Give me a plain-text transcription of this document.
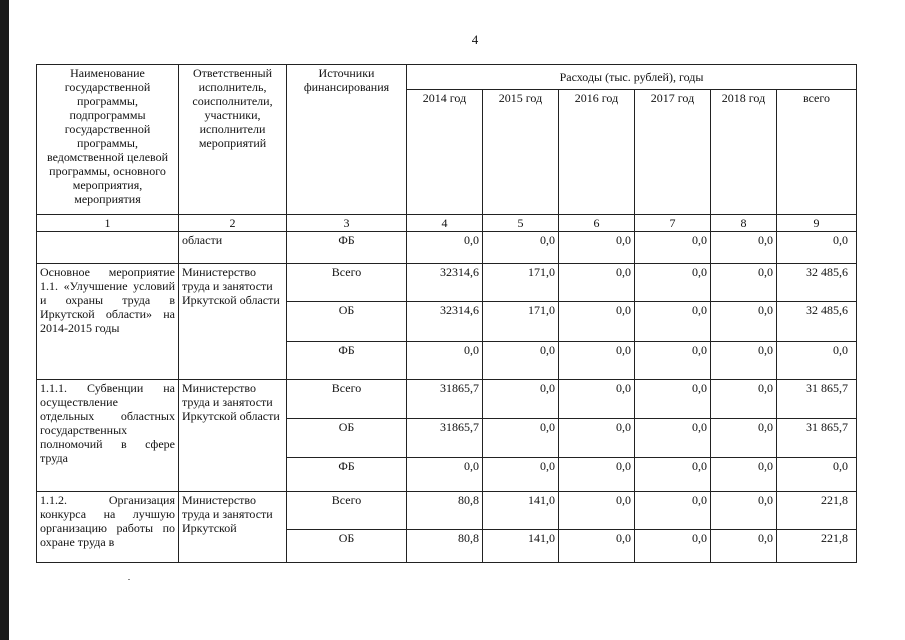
4
Наименование государственной программы, подпрограммы государственной программы, ведомственной целевой программы, основного мероприятия, мероприятия	Ответственный исполнитель, соисполнители, участники, исполнители мероприятий	Источники финансирования	Расходы (тыс. рублей), годы					
			2014 год	2015 год	2016 год	2017 год	2018 год	всего
1	2	3	4	5	6	7	8	9
	области	ФБ	0,0	0,0	0,0	0,0	0,0	0,0
Основное мероприятие 1.1. «Улучшение условий и охраны труда в Иркутской области» на 2014-2015 годы	Министерство труда и занятости Иркутской области	Всего	32314,6	171,0	0,0	0,0	0,0	32 485,6
		ОБ	32314,6	171,0	0,0	0,0	0,0	32 485,6
		ФБ	0,0	0,0	0,0	0,0	0,0	0,0
1.1.1. Субвенции на осуществление отдельных областных государственных полномочий в сфере труда	Министерство труда и занятости Иркутской области	Всего	31865,7	0,0	0,0	0,0	0,0	31 865,7
		ОБ	31865,7	0,0	0,0	0,0	0,0	31 865,7
		ФБ	0,0	0,0	0,0	0,0	0,0	0,0
1.1.2. Организация конкурса на лучшую организацию работы по охране труда в	Министерство труда и занятости Иркутской	Всего	80,8	141,0	0,0	0,0	0,0	221,8
		ОБ	80,8	141,0	0,0	0,0	0,0	221,8
